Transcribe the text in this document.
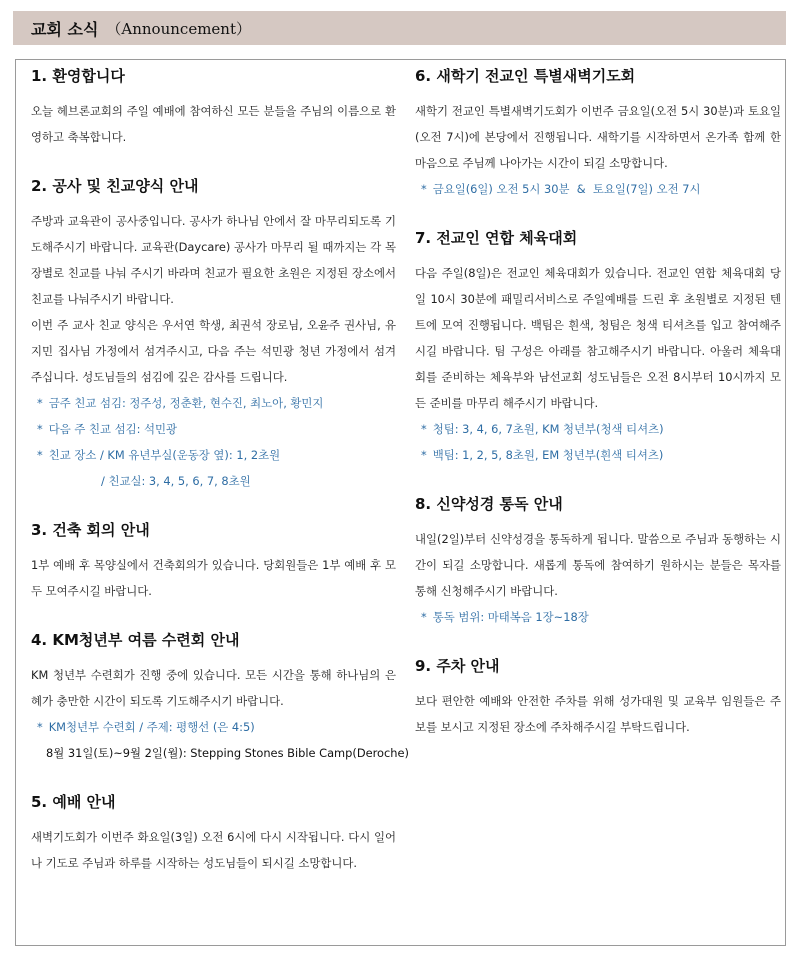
교회 소식 （Announcement）
1. 환영합니다

오늘 헤브론교회의 주일 예배에 참여하신 모든 분들을 주님의 이름으로 환영하고 축복합니다.

2. 공사 및 친교양식 안내

주방과 교육관이 공사중입니다. 공사가 하나님 안에서 잘 마무리되도록 기도해주시기 바랍니다. 교육관(Daycare) 공사가 마무리 될 때까지는 각 목장별로 친교를 나눠 주시기 바라며 친교가 필요한 초원은 지정된 장소에서 친교를 나눠주시기 바랍니다.

이번 주 교사 친교 양식은 우서연 학생, 최권석 장로님, 오윤주 권사님, 유지민 집사님 가정에서 섬겨주시고, 다음 주는 석민광 청년 가정에서 섬겨주십니다. 성도님들의 섬김에 깊은 감사를 드립니다.

* 금주 친교 섬김: 정주성, 정춘환, 현수진, 최노아, 황민지

* 다음 주 친교 섬김: 석민광

* 친교 장소 / KM 유년부실(운동장 옆): 1, 2초원

/ 친교실: 3, 4, 5, 6, 7, 8초원

3. 건축 회의 안내

1부 예배 후 목양실에서 건축회의가 있습니다. 당회원들은 1부 예배 후 모두 모여주시길 바랍니다.

4. KM청년부 여름 수련회 안내

KM 청년부 수련회가 진행 중에 있습니다. 모든 시간을 통해 하나님의 은혜가 충만한 시간이 되도록 기도해주시기 바랍니다.

* KM청년부 수련회 / 주제: 평행선 (은 4:5)

8월 31일(토)~9월 2일(월): Stepping Stones Bible Camp(Deroche)

5. 예배 안내

새벽기도회가 이번주 화요일(3일) 오전 6시에 다시 시작됩니다. 다시 일어나 기도로 주님과 하루를 시작하는 성도님들이 되시길 소망합니다.

6. 새학기 전교인 특별새벽기도회

새학기 전교인 특별새벽기도회가 이번주 금요일(오전 5시 30분)과 토요일(오전 7시)에 본당에서 진행됩니다. 새학기를 시작하면서 온가족 함께 한마음으로 주님께 나아가는 시간이 되길 소망합니다.

* 금요일(6일) 오전 5시 30분  &  토요일(7일) 오전 7시

7. 전교인 연합 체육대회

다음 주일(8일)은 전교인 체육대회가 있습니다. 전교인 연합 체육대회 당일 10시 30분에 패밀리서비스로 주일예배를 드린 후 초원별로 지정된 텐트에 모여 진행됩니다. 백팀은 흰색, 청팀은 청색 티셔츠를 입고 참여해주시길 바랍니다. 팀 구성은 아래를 참고해주시기 바랍니다. 아울러 체육대회를 준비하는 체육부와 남선교회 성도님들은 오전 8시부터 10시까지 모든 준비를 마무리 해주시기 바랍니다.

* 청팀: 3, 4, 6, 7초원, KM 청년부(청색 티셔츠)

* 백팀: 1, 2, 5, 8초원, EM 청년부(흰색 티셔츠)

8. 신약성경 통독 안내

내일(2일)부터 신약성경을 통독하게 됩니다. 말씀으로 주님과 동행하는 시간이 되길 소망합니다. 새롭게 통독에 참여하기 원하시는 분들은 목자를 통해 신청해주시기 바랍니다.

* 통독 범위: 마태복음 1장~18장

9. 주차 안내

보다 편안한 예배와 안전한 주차를 위해 성가대원 및 교육부 임원들은 주보를 보시고 지정된 장소에 주차해주시길 부탁드립니다.
